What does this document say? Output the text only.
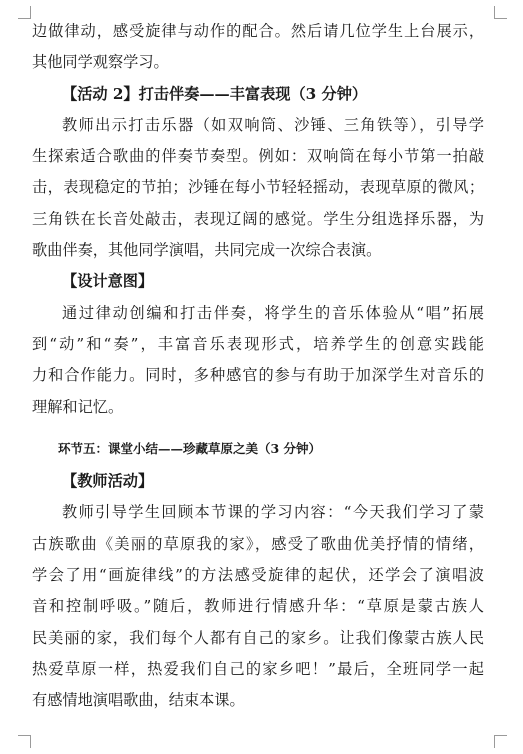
边做律动，感受旋律与动作的配合。然后请几位学生上台展示，
其他同学观察学习。
【活动 2】打击伴奏——丰富表现（3 分钟）
教师出示打击乐器（如双响筒、沙锤、三角铁等），引导学
生探索适合歌曲的伴奏节奏型。例如：双响筒在每小节第一拍敲
击，表现稳定的节拍；沙锤在每小节轻轻摇动，表现草原的微风；
三角铁在长音处敲击，表现辽阔的感觉。学生分组选择乐器，为
歌曲伴奏，其他同学演唱，共同完成一次综合表演。
【设计意图】
通过律动创编和打击伴奏，将学生的音乐体验从“唱”拓展
到“动”和“奏”，丰富音乐表现形式，培养学生的创意实践能
力和合作能力。同时，多种感官的参与有助于加深学生对音乐的
理解和记忆。
环节五：课堂小结——珍藏草原之美（3 分钟）
【教师活动】
教师引导学生回顾本节课的学习内容：“今天我们学习了蒙
古族歌曲《美丽的草原我的家》，感受了歌曲优美抒情的情绪，
学会了用“画旋律线”的方法感受旋律的起伏，还学会了演唱波
音和控制呼吸。”随后，教师进行情感升华：“草原是蒙古族人
民美丽的家，我们每个人都有自己的家乡。让我们像蒙古族人民
热爱草原一样，热爱我们自己的家乡吧！”最后，全班同学一起
有感情地演唱歌曲，结束本课。
